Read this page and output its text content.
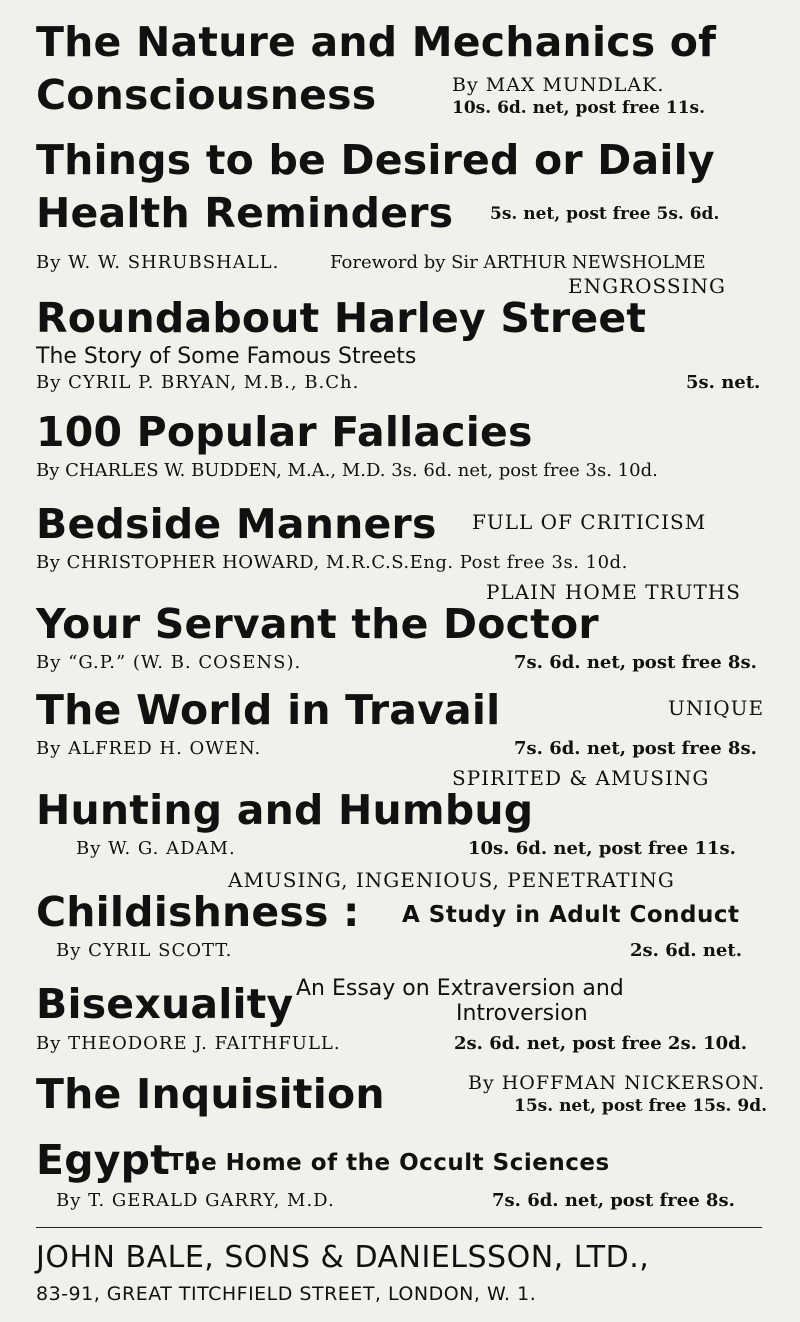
The Nature and Mechanics of
Consciousness	By MAX MUNDLAK.
10s. 6d. net, post free 11s.
Things to be Desired or Daily
Health Reminders 5s. net, post free 5s. 6d.
By W. W. SHRUBSHALL.	Foreword by Sir ARTHUR NEWSHOLME
ENGROSSING
Roundabout Harley Street
The Story of Some Famous Streets
By CYRIL P. BRYAN, M.B., B.Ch.	5s. net.
100 Popular Fallacies
By CHARLES W. BUDDEN, M.A., M.D. 3s. 6d. net, post free 3s. 10d.
Bedside Manners FULL OF CRITICISM
By CHRISTOPHER HOWARD, M.R.C.S.Eng. Post free 3s. 10d.
PLAIN HOME TRUTHS
Your Servant the Doctor
By “G.P.” (W. B. COSENS).	7s. 6d. net, post free 8s.
The World in Travail	UNIQUE
By ALFRED H. OWEN.	7s. 6d. net, post free 8s.
SPIRITED & AMUSING
Hunting and Humbug
By W. G. ADAM.	10s. 6d. net, post free 11s.
AMUSING, INGENIOUS, PENETRATING
Childishness : A Study in Adult Conduct
By CYRIL SCOTT.	2s. 6d. net.
Bisexuality An Essay on Extraversion and
Introversion
By THEODORE J. FAITHFULL.	2s. 6d. net, post free 2s. 10d.
The Inquisition	By HOFFMAN NICKERSON.
15s. net, post free 15s. 9d.
Egypt :
The Home of the Occult Sciences
By T. GERALD GARRY, M.D.	7s. 6d. net, post free 8s.
JOHN BALE, SONS & DANIELSSON, LTD.,
83-91, GREAT TITCHFIELD STREET, LONDON, W. 1.
